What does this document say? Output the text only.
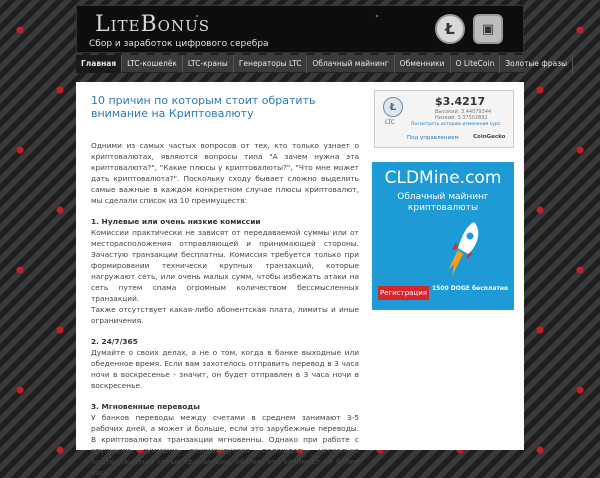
LiteBonus
Сбор и заработок цифрового серебра
Ł	▣
Главная	LTC-кошелёк	LTC-краны	Генераторы LTC	Облачный майнинг	Обменники	О LiteCoin	Золотые фразы
10 причин по которым стоит обратить внимание на Криптовалюту
Одними из самых частых вопросов от тех, кто только узнает о криптовалютах, являются вопросы типа "А зачем нужна эта криптовалюта?", "Какие плюсы у криптовалюты?", "Что мне может дать криптовалюта?". Поскольку сходу бывает сложно выделить самые важные в каждом конкретном случае плюсы криптовалют, мы сделали список из 10 преимуществ:
1. Нулевые или очень низкие комиссии
Комиссии практически не зависят от передаваемой суммы или от месторасположения отправляющей и принимающей стороны. Зачастую транзакции бесплатны. Комиссия требуется только при формировании технически крупных транзакций, которые нагружают сеть, или очень малых сумм, чтобы избежать атаки на сеть путем спама огромным количеством бессмысленных транзакций.
Также отсутствует какая-либо абонентская плата, лимиты и иные ограничения.
2. 24/7/365
Думайте о своих делах, а не о том, когда в банке выходные или обеденное время. Если вам захотелось отправить перевод в 3 часа ночи в воскресенье - значит, он будет отправлен в 3 часа ночи в воскресенье.
3. Мгновенные переводы
У банков переводы между счетами в среднем занимают 3-5 рабочих дней, а может и больше, если это зарубежные переводы. В криптовалютах транзакции мгновенны. Однако при работе с крупными суммами рекомендуется подождать несколько подтверждений сетью транзакции, обычно это занимает не более часа.
Ł
LTC
$3.4217
Высокий: 3.44079344
Низкий: 3.37502892
Посмотреть историю изменения курс
Под управлением	CoinGecko
CLDMine.com
Облачный майнинг криптовалюты
Регистрация
1500 DOGE бесплатно
